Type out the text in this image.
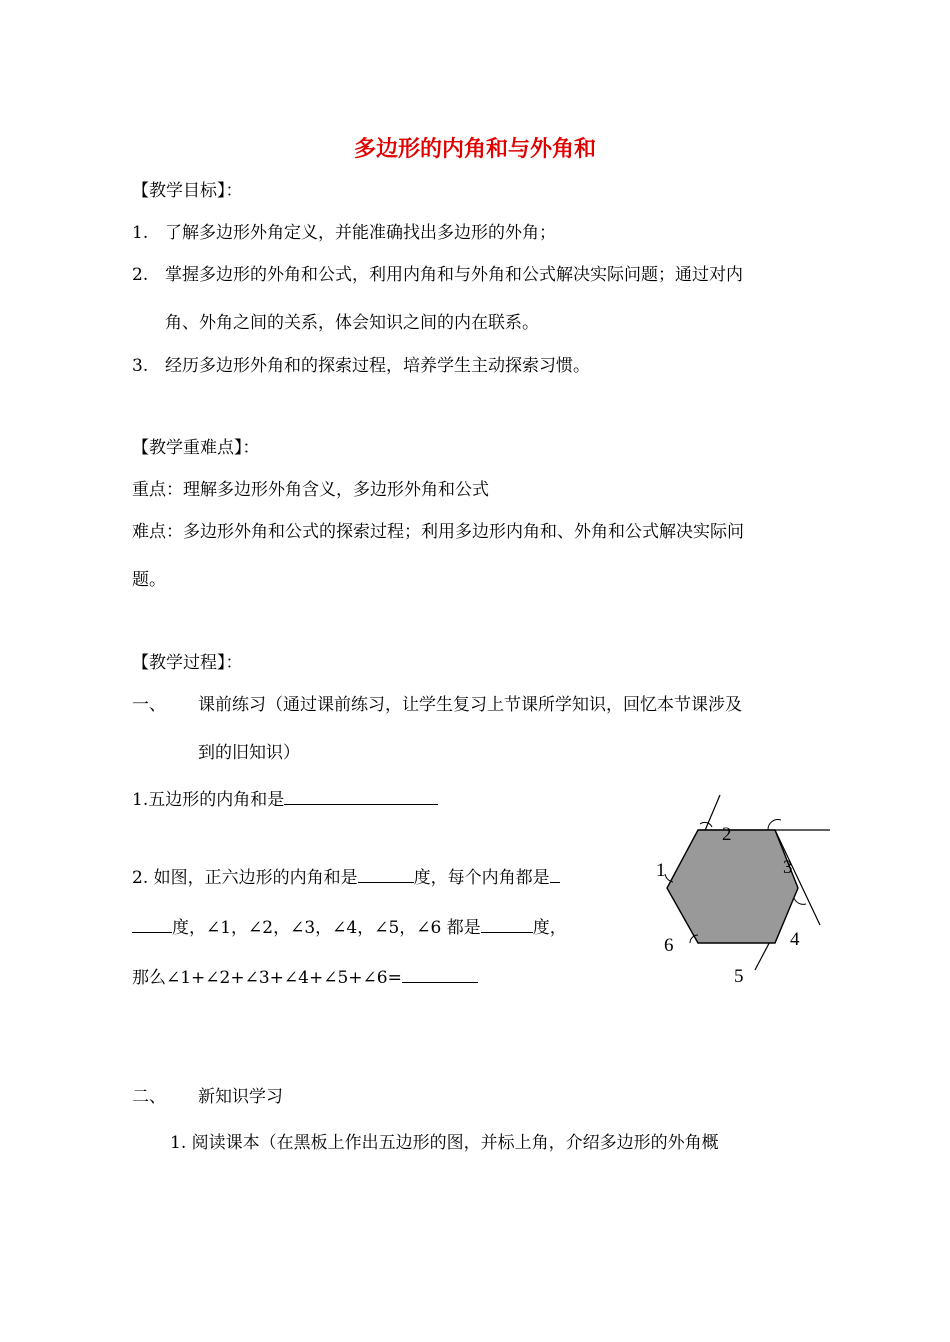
多边形的内角和与外角和
【教学目标】：
1. 了解多边形外角定义，并能准确找出多边形的外角；
2. 掌握多边形的外角和公式，利用内角和与外角和公式解决实际问题；通过对内
角、外角之间的关系，体会知识之间的内在联系。
3. 经历多边形外角和的探索过程，培养学生主动探索习惯。
【教学重难点】：
重点：理解多边形外角含义，多边形外角和公式
难点：多边形外角和公式的探索过程；利用多边形内角和、外角和公式解决实际问
题。
【教学过程】：
一、 课前练习（通过课前练习，让学生复习上节课所学知识，回忆本节课涉及
到的旧知识）
1.五边形的内角和是
2. 如图，正六边形的内角和是	度，每个内角都是
度，∠1，∠2，∠3，∠4，∠5，∠6 都是	度，
那么∠1+∠2+∠3+∠4+∠5+∠6=
1
2
3
4
5
6
二、 新知识学习
1. 阅读课本（在黑板上作出五边形的图，并标上角，介绍多边形的外角概
